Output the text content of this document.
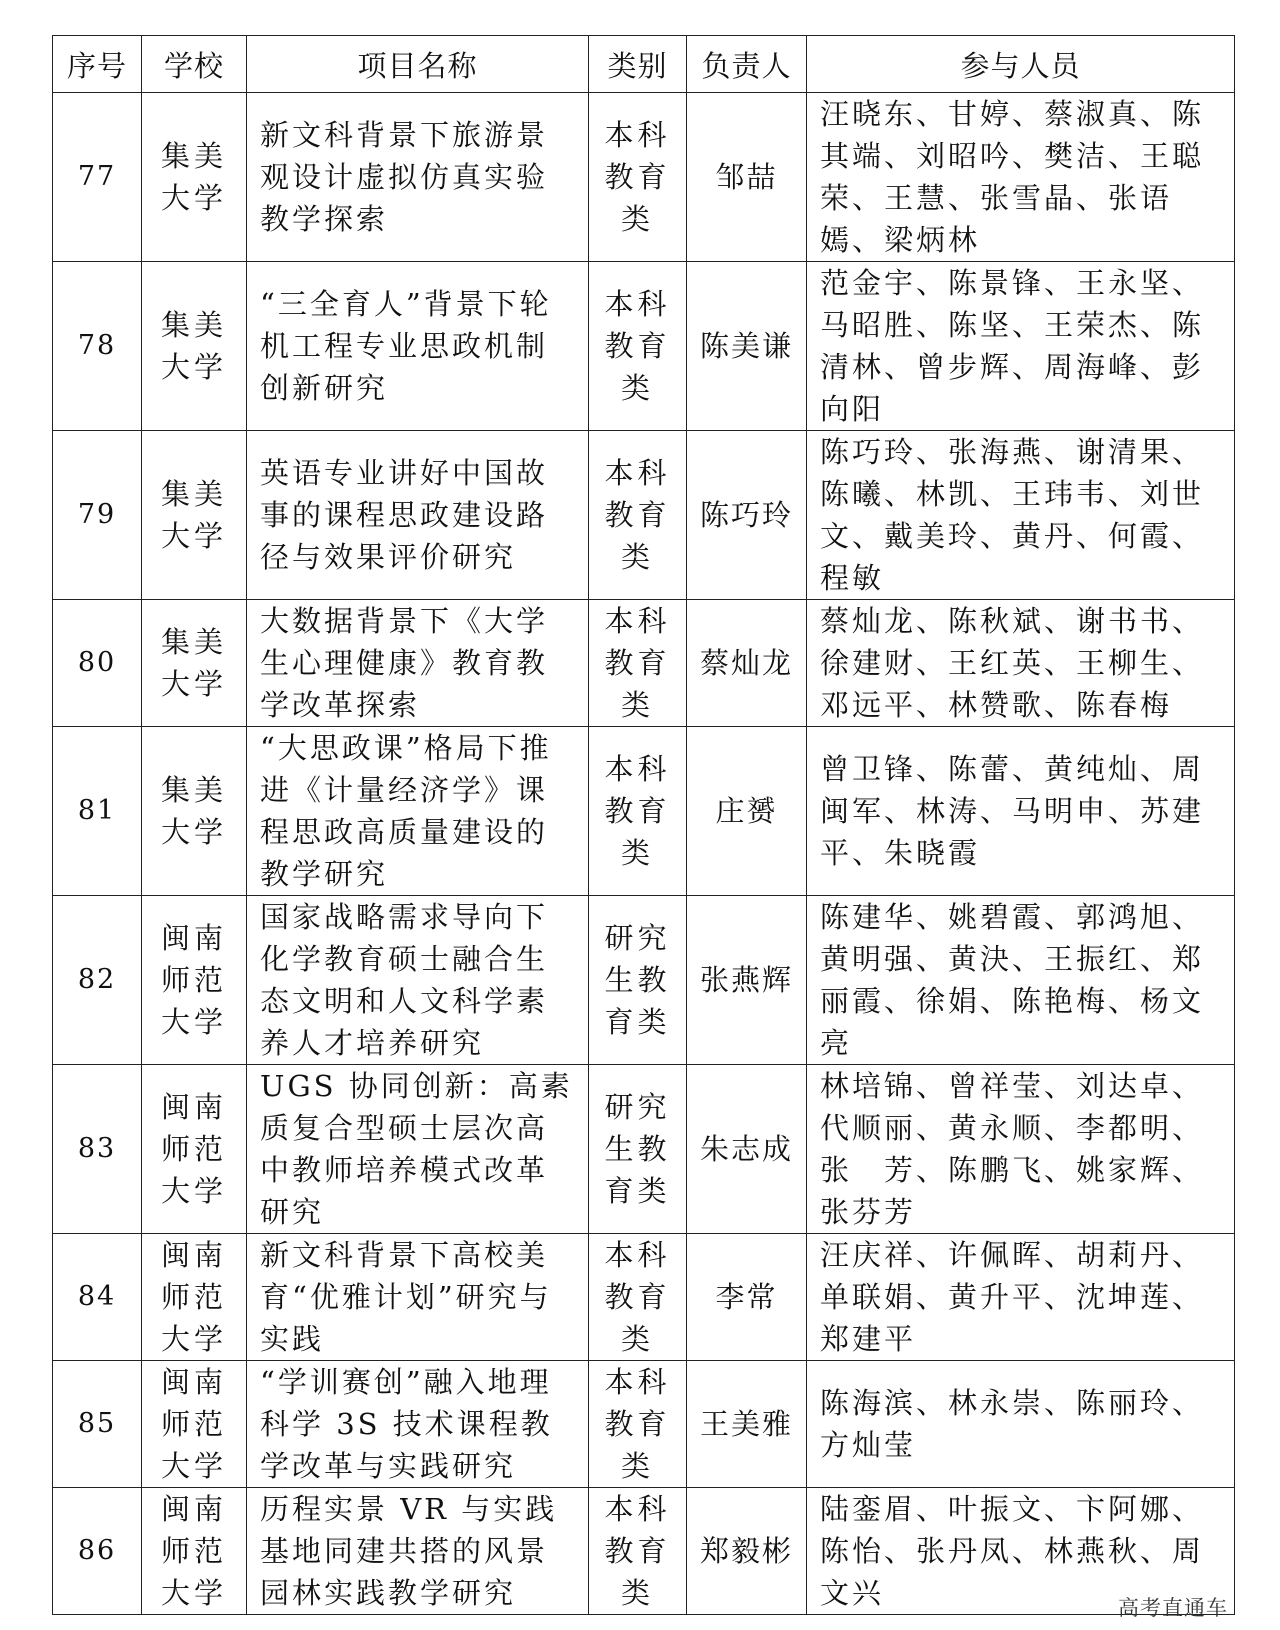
序号	学校	项目名称	类别	负责人	参与人员
77	集美大学	新文科背景下旅游景观设计虚拟仿真实验教学探索	本科教育类	邹喆	汪晓东、甘婷、蔡淑真、陈其端、刘昭吟、樊洁、王聪荣、王慧、张雪晶、张语嫣、梁炳林
78	集美大学	“三全育人”背景下轮机工程专业思政机制创新研究	本科教育类	陈美谦	范金宇、陈景锋、王永坚、马昭胜、陈坚、王荣杰、陈清林、曾步辉、周海峰、彭向阳
79	集美大学	英语专业讲好中国故事的课程思政建设路径与效果评价研究	本科教育类	陈巧玲	陈巧玲、张海燕、谢清果、陈曦、林凯、王玮韦、刘世文、戴美玲、黄丹、何霞、程敏
80	集美大学	大数据背景下《大学生心理健康》教育教学改革探索	本科教育类	蔡灿龙	蔡灿龙、陈秋斌、谢书书、徐建财、王红英、王柳生、邓远平、林赞歌、陈春梅
81	集美大学	“大思政课”格局下推进《计量经济学》课程思政高质量建设的教学研究	本科教育类	庄赟	曾卫锋、陈蕾、黄纯灿、周闽军、林涛、马明申、苏建平、朱晓霞
82	闽南师范大学	国家战略需求导向下化学教育硕士融合生态文明和人文科学素养人才培养研究	研究生教育类	张燕辉	陈建华、姚碧霞、郭鸿旭、黄明强、黄決、王振红、郑丽霞、徐娟、陈艳梅、杨文亮
83	闽南师范大学	UGS 协同创新：高素质复合型硕士层次高中教师培养模式改革研究	研究生教育类	朱志成	林培锦、曾祥莹、刘达卓、代顺丽、黄永顺、李都明、张　芳、陈鹏飞、姚家辉、张芬芳
84	闽南师范大学	新文科背景下高校美育“优雅计划”研究与实践	本科教育类	李常	汪庆祥、许佩晖、胡莉丹、单联娟、黄升平、沈坤莲、郑建平
85	闽南师范大学	“学训赛创”融入地理科学 3S 技术课程教学改革与实践研究	本科教育类	王美雅	陈海滨、林永崇、陈丽玲、方灿莹
86	闽南师范大学	历程实景 VR 与实践基地同建共搭的风景园林实践教学研究	本科教育类	郑毅彬	陆銮眉、叶振文、卞阿娜、陈怡、张丹凤、林燕秋、周文兴	高考直通车
